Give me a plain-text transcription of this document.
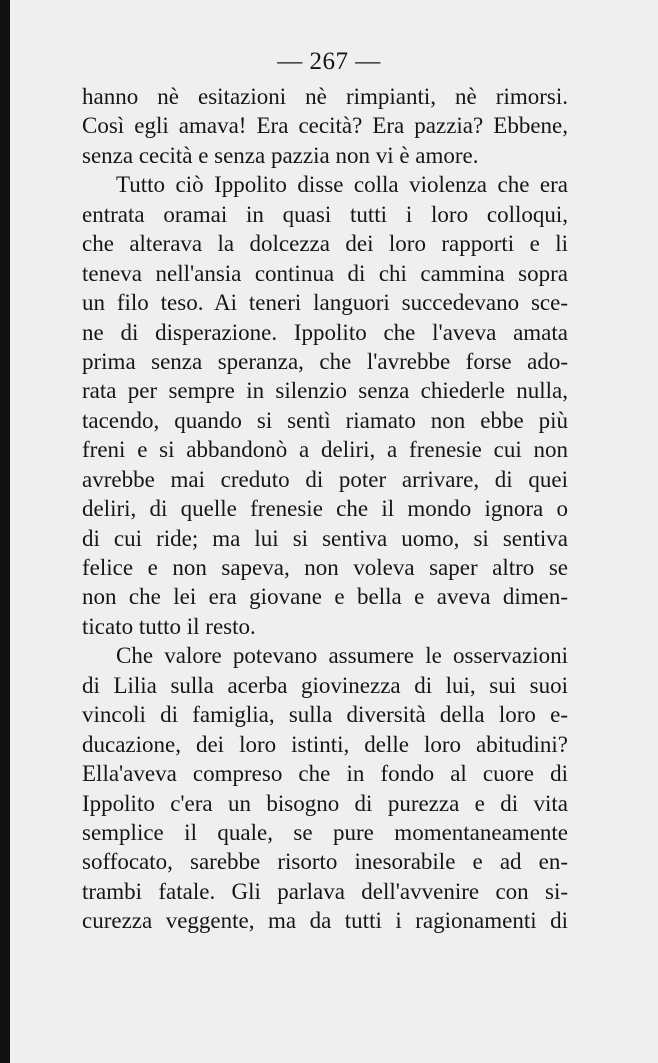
— 267 —
hanno nè esitazioni nè rimpianti, nè rimorsi.
Così egli amava! Era cecità? Era pazzia? Ebbene,
senza cecità e senza pazzia non vi è amore.
Tutto ciò Ippolito disse colla violenza che era
entrata oramai in quasi tutti i loro colloqui,
che alterava la dolcezza dei loro rapporti e li
teneva nell'ansia continua di chi cammina sopra
un filo teso. Ai teneri languori succedevano sce-
ne di disperazione. Ippolito che l'aveva amata
prima senza speranza, che l'avrebbe forse ado-
rata per sempre in silenzio senza chiederle nulla,
tacendo, quando si sentì riamato non ebbe più
freni e si abbandonò a deliri, a frenesie cui non
avrebbe mai creduto di poter arrivare, di quei
deliri, di quelle frenesie che il mondo ignora o
di cui ride; ma lui si sentiva uomo, si sentiva
felice e non sapeva, non voleva saper altro se
non che lei era giovane e bella e aveva dimen-
ticato tutto il resto.
Che valore potevano assumere le osservazioni
di Lilia sulla acerba giovinezza di lui, sui suoi
vincoli di famiglia, sulla diversità della loro e-
ducazione, dei loro istinti, delle loro abitudini?
Ella'aveva compreso che in fondo al cuore di
Ippolito c'era un bisogno di purezza e di vita
semplice il quale, se pure momentaneamente
soffocato, sarebbe risorto inesorabile e ad en-
trambi fatale. Gli parlava dell'avvenire con si-
curezza veggente, ma da tutti i ragionamenti di
